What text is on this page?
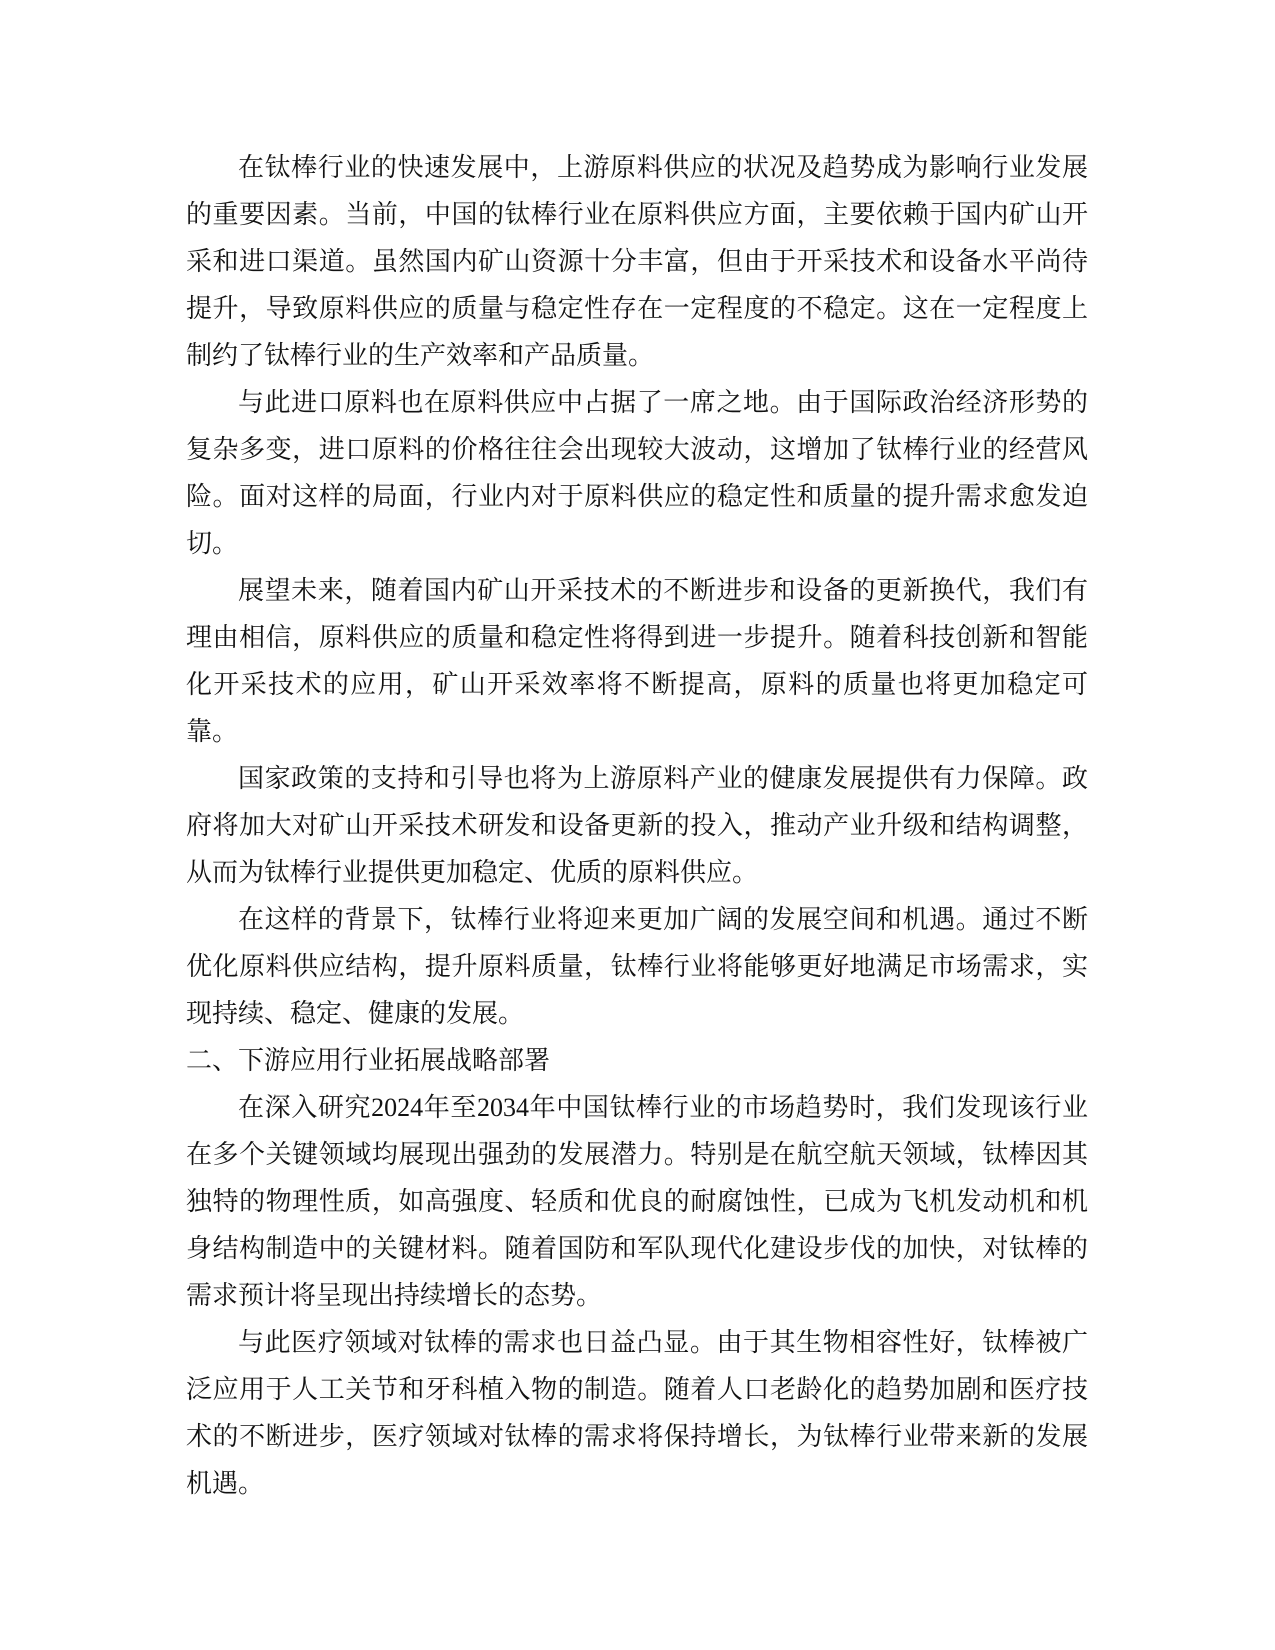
在钛棒行业的快速发展中，上游原料供应的状况及趋势成为影响行业发展的重要因素。当前，中国的钛棒行业在原料供应方面，主要依赖于国内矿山开采和进口渠道。虽然国内矿山资源十分丰富，但由于开采技术和设备水平尚待提升，导致原料供应的质量与稳定性存在一定程度的不稳定。这在一定程度上制约了钛棒行业的生产效率和产品质量。

与此进口原料也在原料供应中占据了一席之地。由于国际政治经济形势的复杂多变，进口原料的价格往往会出现较大波动，这增加了钛棒行业的经营风险。面对这样的局面，行业内对于原料供应的稳定性和质量的提升需求愈发迫切。

展望未来，随着国内矿山开采技术的不断进步和设备的更新换代，我们有理由相信，原料供应的质量和稳定性将得到进一步提升。随着科技创新和智能化开采技术的应用，矿山开采效率将不断提高，原料的质量也将更加稳定可靠。

国家政策的支持和引导也将为上游原料产业的健康发展提供有力保障。政府将加大对矿山开采技术研发和设备更新的投入，推动产业升级和结构调整，从而为钛棒行业提供更加稳定、优质的原料供应。

在这样的背景下，钛棒行业将迎来更加广阔的发展空间和机遇。通过不断优化原料供应结构，提升原料质量，钛棒行业将能够更好地满足市场需求，实现持续、稳定、健康的发展。

二、下游应用行业拓展战略部署

在深入研究2024年至2034年中国钛棒行业的市场趋势时，我们发现该行业在多个关键领域均展现出强劲的发展潜力。特别是在航空航天领域，钛棒因其独特的物理性质，如高强度、轻质和优良的耐腐蚀性，已成为飞机发动机和机身结构制造中的关键材料。随着国防和军队现代化建设步伐的加快，对钛棒的需求预计将呈现出持续增长的态势。

与此医疗领域对钛棒的需求也日益凸显。由于其生物相容性好，钛棒被广泛应用于人工关节和牙科植入物的制造。随着人口老龄化的趋势加剧和医疗技术的不断进步，医疗领域对钛棒的需求将保持增长，为钛棒行业带来新的发展机遇。
